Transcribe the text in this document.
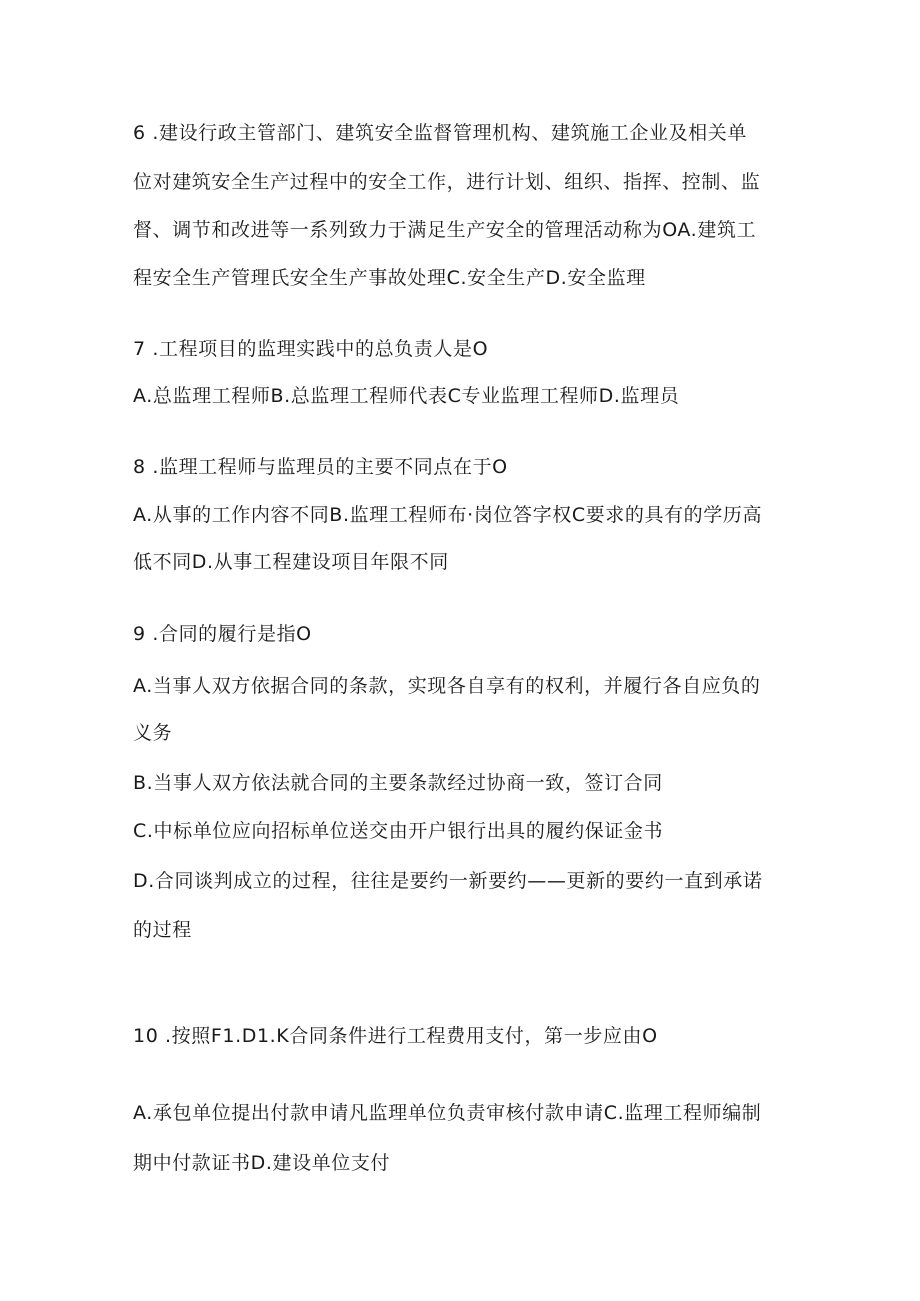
6 .建设行政主管部门、建筑安全监督管理机构、建筑施工企业及相关单
位对建筑安全生产过程中的安全工作，进行计划、组织、指挥、控制、监
督、调节和改进等一系列致力于满足生产安全的管理活动称为OA.建筑工
程安全生产管理氏安全生产事故处理C.安全生产D.安全监理
7 .工程项目的监理实践中的总负责人是O
A.总监理工程师B.总监理工程师代表C专业监理工程师D.监理员
8 .监理工程师与监理员的主要不同点在于O
A.从事的工作内容不同B.监理工程师布·岗位答字权C要求的具有的学历高
低不同D.从事工程建设项目年限不同
9 .合同的履行是指O
A.当事人双方依据合同的条款，实现各自享有的权利，并履行各自应负的
义务
B.当事人双方依法就合同的主要条款经过协商一致，签订合同
C.中标单位应向招标单位送交由开户银行出具的履约保证金书
D.合同谈判成立的过程，往往是要约一新要约——更新的要约一直到承诺
的过程
10 .按照F1.D1.K合同条件进行工程费用支付，第一步应由O
A.承包单位提出付款申请凡监理单位负责审核付款申请C.监理工程师编制
期中付款证书D.建设单位支付
